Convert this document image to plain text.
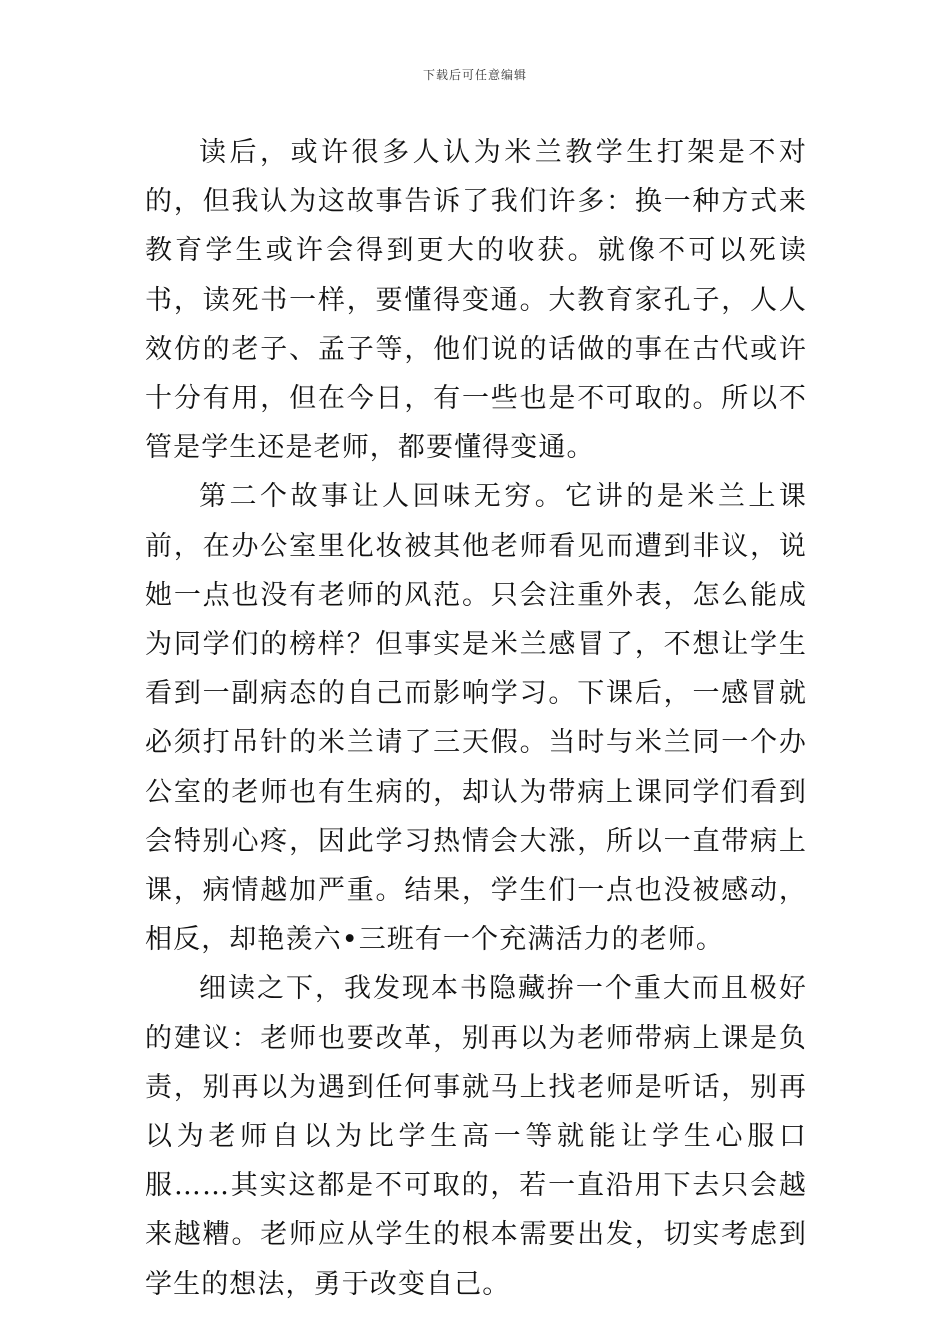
下载后可任意编辑

读后，或许很多人认为米兰教学生打架是不对的，但我认为这故事告诉了我们许多：换一种方式来教育学生或许会得到更大的收获。就像不可以死读书，读死书一样，要懂得变通。大教育家孔子，人人效仿的老子、孟子等，他们说的话做的事在古代或许十分有用，但在今日，有一些也是不可取的。所以不管是学生还是老师，都要懂得变通。

第二个故事让人回味无穷。它讲的是米兰上课前，在办公室里化妆被其他老师看见而遭到非议，说她一点也没有老师的风范。只会注重外表，怎么能成为同学们的榜样？但事实是米兰感冒了，不想让学生看到一副病态的自己而影响学习。下课后，一感冒就必须打吊针的米兰请了三天假。当时与米兰同一个办公室的老师也有生病的，却认为带病上课同学们看到会特别心疼，因此学习热情会大涨，所以一直带病上课，病情越加严重。结果，学生们一点也没被感动，相反，却艳羡六•三班有一个充满活力的老师。

细读之下，我发现本书隐藏拚一个重大而且极好的建议：老师也要改革，别再以为老师带病上课是负责，别再以为遇到任何事就马上找老师是听话，别再以为老师自以为比学生高一等就能让学生心服口服……其实这都是不可取的，若一直沿用下去只会越来越糟。老师应从学生的根本需要出发，切实考虑到学生的想法，勇于改变自己。
